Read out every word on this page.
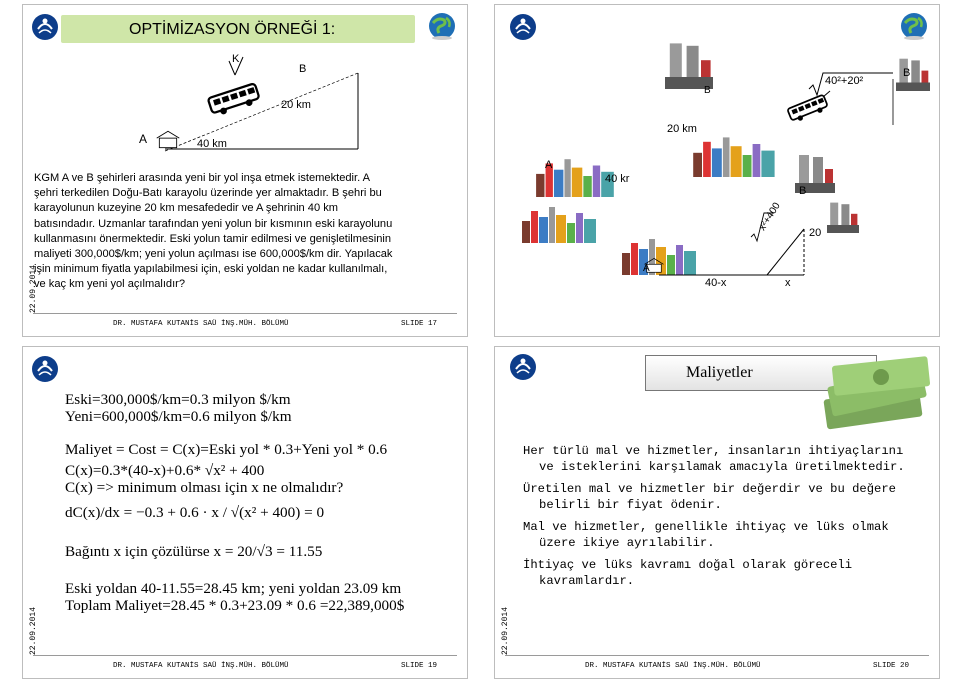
OPTİMİZASYON ÖRNEĞİ 1:
K
B
20 km
A	40 km
KGM A ve B şehirleri arasında yeni bir yol inşa etmek istemektedir. A
şehri terkedilen Doğu-Batı karayolu üzerinde yer almaktadır. B şehri bu
karayolunun kuzeyine 20 km mesafededir ve A şehrinin 40 km
batısındadır. Uzmanlar tarafından yeni yolun bir kısmının eski karayolunu
kullanmasını önermektedir. Eski yolun tamir edilmesi ve genişletilmesinin
maliyeti 300,000$/km; yeni yolun açılması ise 600,000$/km dir. Yapılacak
işin minimum fiyatla yapılabilmesi için, eski yoldan ne kadar kullanılmalı,
ve kaç km yeni yol açılmalıdır?
22.09.2014
DR. MUSTAFA KUTANİS SAÜ İNŞ.MÜH. BÖLÜMÜ	SLIDE 17
B
40²+20²
B
20 km
A
40 kr
B
x²+400
20
A
40-x	x
Eski=300,000$/km=0.3 milyon $/km
Yeni=600,000$/km=0.6 milyon $/km
Maliyet = Cost = C(x)=Eski yol * 0.3+Yeni yol * 0.6
C(x)=0.3*(40-x)+0.6* √x² + 400
C(x) => minimum olması için x ne olmalıdır?
dC(x)/dx = −0.3 + 0.6 · x / √(x² + 400) = 0
Bağıntı x için çözülürse x = 20/√3 = 11.55
Eski yoldan 40-11.55=28.45 km; yeni yoldan 23.09 km
Toplam Maliyet=28.45 * 0.3+23.09 * 0.6 =22,389,000$
22.09.2014
DR. MUSTAFA KUTANİS SAÜ İNŞ.MÜH. BÖLÜMÜ	SLIDE 19
Maliyetler
Her türlü mal ve hizmetler, insanların ihtiyaçlarını ve isteklerini karşılamak amacıyla üretilmektedir.
Üretilen mal ve hizmetler bir değerdir ve bu değere belirli bir fiyat ödenir.
Mal ve hizmetler, genellikle ihtiyaç ve lüks olmak üzere ikiye ayrılabilir.
İhtiyaç ve lüks kavramı doğal olarak göreceli kavramlardır.
22.09.2014
DR. MUSTAFA KUTANİS SAÜ İNŞ.MÜH. BÖLÜMÜ	SLIDE 20
